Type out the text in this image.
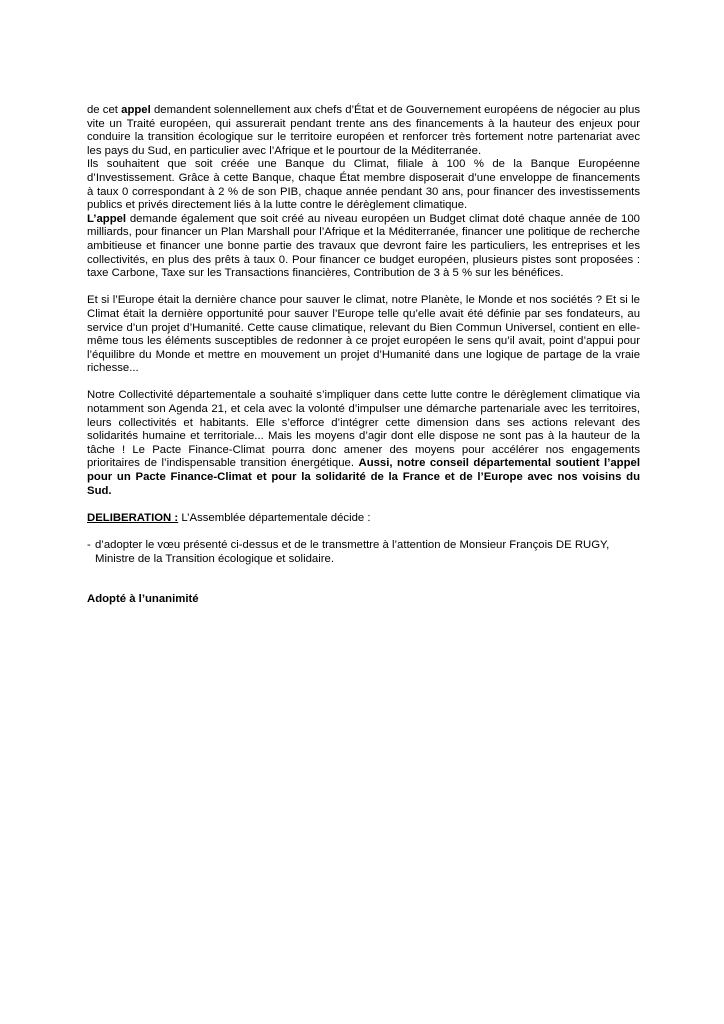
de cet appel demandent solennellement aux chefs d’État et de Gouvernement européens de négocier au plus vite un Traité européen, qui assurerait pendant trente ans des financements à la hauteur des enjeux pour conduire la transition écologique sur le territoire européen et renforcer très fortement notre partenariat avec les pays du Sud, en particulier avec l’Afrique et le pourtour de la Méditerranée.

Ils souhaitent que soit créée une Banque du Climat, filiale à 100 % de la Banque Européenne d’Investissement. Grâce à cette Banque, chaque État membre disposerait d’une enveloppe de financements à taux 0 correspondant à 2 % de son PIB, chaque année pendant 30 ans, pour financer des investissements publics et privés directement liés à la lutte contre le dérèglement climatique.

L’appel demande également que soit créé au niveau européen un Budget climat doté chaque année de 100 milliards, pour financer un Plan Marshall pour l’Afrique et la Méditerranée, financer une politique de recherche ambitieuse et financer une bonne partie des travaux que devront faire les particuliers, les entreprises et les collectivités, en plus des prêts à taux 0. Pour financer ce budget européen, plusieurs pistes sont proposées : taxe Carbone, Taxe sur les Transactions financières, Contribution de 3 à 5 % sur les bénéfices.

Et si l’Europe était la dernière chance pour sauver le climat, notre Planète, le Monde et nos sociétés ? Et si le Climat était la dernière opportunité pour sauver l’Europe telle qu’elle avait été définie par ses fondateurs, au service d’un projet d’Humanité. Cette cause climatique, relevant du Bien Commun Universel, contient en elle-même tous les éléments susceptibles de redonner à ce projet européen le sens qu’il avait, point d’appui pour l’équilibre du Monde et mettre en mouvement un projet d’Humanité dans une logique de partage de la vraie richesse...

Notre Collectivité départementale a souhaité s’impliquer dans cette lutte contre le dérèglement climatique via notamment son Agenda 21, et cela avec la volonté d’impulser une démarche partenariale avec les territoires, leurs collectivités et habitants. Elle s’efforce d’intégrer cette dimension dans ses actions relevant des solidarités humaine et territoriale... Mais les moyens d’agir dont elle dispose ne sont pas à la hauteur de la tâche ! Le Pacte Finance-Climat pourra donc amener des moyens pour accélérer nos engagements prioritaires de l’indispensable transition énergétique. Aussi, notre conseil départemental soutient l’appel pour un Pacte Finance-Climat et pour la solidarité de la France et de l’Europe avec nos voisins du Sud.

DELIBERATION : L’Assemblée départementale décide :

- d’adopter le vœu présenté ci-dessus et de le transmettre à l’attention de Monsieur François DE RUGY, Ministre de la Transition écologique et solidaire.

Adopté à l’unanimité
